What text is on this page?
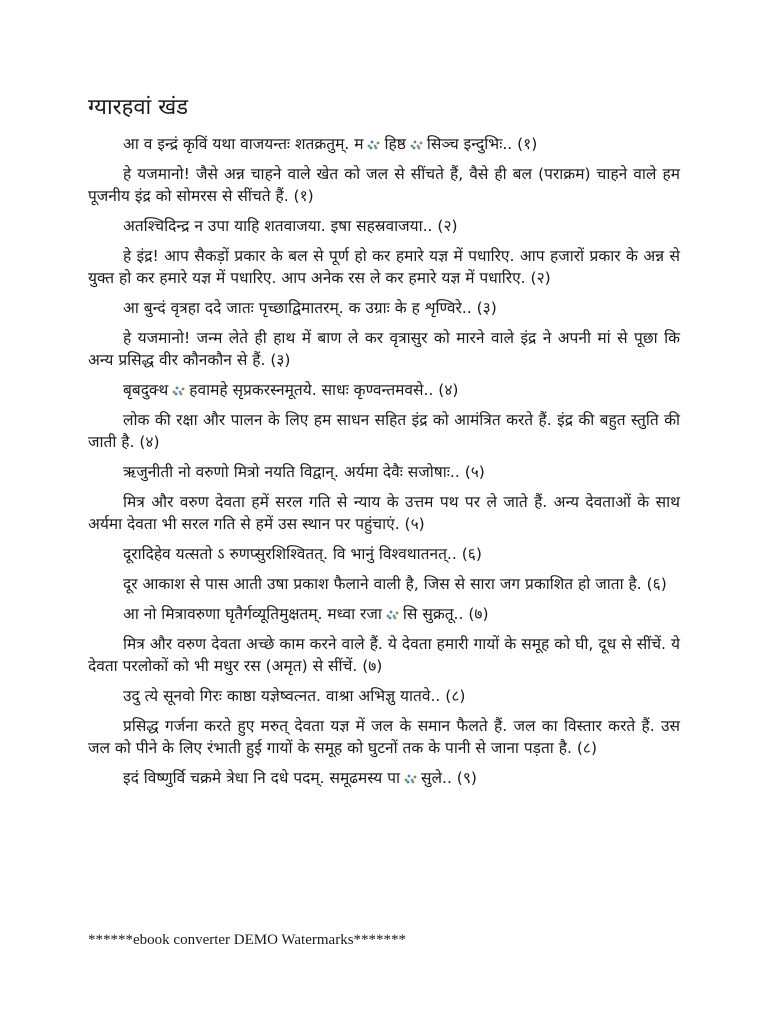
ग्यारहवां खंड

आ व इन्द्रं कृविं यथा वाजयन्तः शतक्रतुम्. म हिष्ठ सिञ्च इन्दुभिः.. (१)

हे यजमानो! जैसे अन्न चाहने वाले खेत को जल से सींचते हैं, वैसे ही बल (पराक्रम) चाहने वाले हम पूजनीय इंद्र को सोमरस से सींचते हैं. (१)

अतश्चिदिन्द्र न उपा याहि शतवाजया. इषा सहस्रवाजया.. (२)

हे इंद्र! आप सैकड़ों प्रकार के बल से पूर्ण हो कर हमारे यज्ञ में पधारिए. आप हजारों प्रकार के अन्न से युक्त हो कर हमारे यज्ञ में पधारिए. आप अनेक रस ले कर हमारे यज्ञ में पधारिए. (२)

आ बुन्दं वृत्रहा ददे जातः पृच्छाद्विमातरम्. क उग्राः के ह शृण्विरे.. (३)

हे यजमानो! जन्म लेते ही हाथ में बाण ले कर वृत्रासुर को मारने वाले इंद्र ने अपनी मां से पूछा कि अन्य प्रसिद्ध वीर कौनकौन से हैं. (३)

बृबदुक्थ हवामहे सृप्रकरस्नमूतये. साधः कृण्वन्तमवसे.. (४)

लोक की रक्षा और पालन के लिए हम साधन सहित इंद्र को आमंत्रित करते हैं. इंद्र की बहुत स्तुति की जाती है. (४)

ऋजुनीती नो वरुणो मित्रो नयति विद्वान्. अर्यमा देवैः सजोषाः.. (५)

मित्र और वरुण देवता हमें सरल गति से न्याय के उत्तम पथ पर ले जाते हैं. अन्य देवताओं के साथ अर्यमा देवता भी सरल गति से हमें उस स्थान पर पहुंचाएं. (५)

दूरादिहेव यत्सतो ऽ रुणप्सुरशिश्वितत्. वि भानुं विश्वथातनत्.. (६)

दूर आकाश से पास आती उषा प्रकाश फैलाने वाली है, जिस से सारा जग प्रकाशित हो जाता है. (६)

आ नो मित्रावरुणा घृतैर्गव्यूतिमुक्षतम्. मध्वा रजा सि सुक्रतू.. (७)

मित्र और वरुण देवता अच्छे काम करने वाले हैं. ये देवता हमारी गायों के समूह को घी, दूध से सींचें. ये देवता परलोकों को भी मधुर रस (अमृत) से सींचें. (७)

उदु त्ये सूनवो गिरः काष्ठा यज्ञेष्वत्नत. वाश्रा अभिज्ञु यातवे.. (८)

प्रसिद्ध गर्जना करते हुए मरुत् देवता यज्ञ में जल के समान फैलते हैं. जल का विस्तार करते हैं. उस जल को पीने के लिए रंभाती हुई गायों के समूह को घुटनों तक के पानी से जाना पड़ता है. (८)

इदं विष्णुर्वि चक्रमे त्रेधा नि दधे पदम्. समूढमस्य पा सुले.. (९)

******ebook converter DEMO Watermarks*******
